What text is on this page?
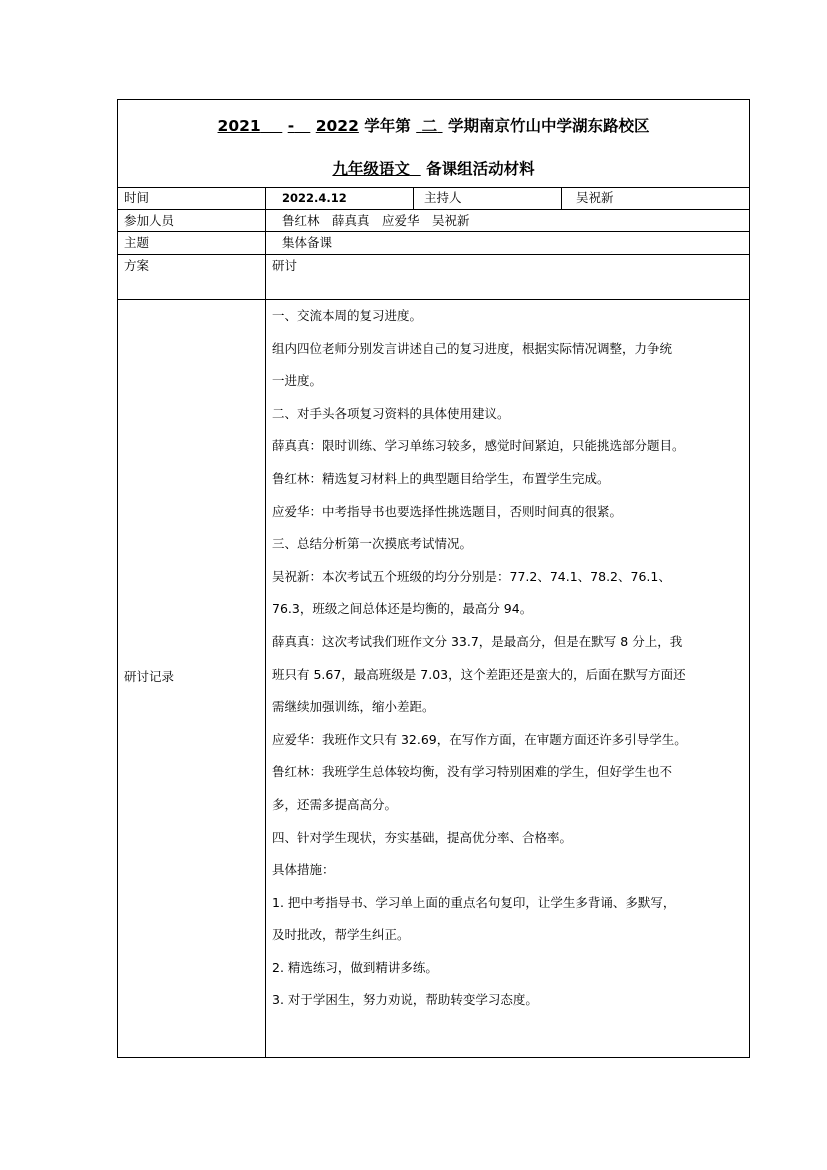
2021 - 2022 学年第 二 学期南京竹山中学湖东路校区
九年级语文 备课组活动材料
时间	2022.4.12	主持人	吴祝新
参加人员	鲁红林　薛真真　应爱华　吴祝新
主题	集体备课
方案	研讨
研讨记录

一、交流本周的复习进度。

组内四位老师分别发言讲述自己的复习进度，根据实际情况调整，力争统

一进度。

二、对手头各项复习资料的具体使用建议。

薛真真：限时训练、学习单练习较多，感觉时间紧迫，只能挑选部分题目。

鲁红林：精选复习材料上的典型题目给学生，布置学生完成。

应爱华：中考指导书也要选择性挑选题目，否则时间真的很紧。

三、总结分析第一次摸底考试情况。

吴祝新：本次考试五个班级的均分分别是：77.2、74.1、78.2、76.1、

76.3，班级之间总体还是均衡的，最高分 94。

薛真真：这次考试我们班作文分 33.7，是最高分，但是在默写 8 分上，我

班只有 5.67，最高班级是 7.03，这个差距还是蛮大的，后面在默写方面还

需继续加强训练，缩小差距。

应爱华：我班作文只有 32.69，在写作方面，在审题方面还许多引导学生。

鲁红林：我班学生总体较均衡，没有学习特别困难的学生，但好学生也不

多，还需多提高高分。

四、针对学生现状，夯实基础，提高优分率、合格率。

具体措施：

1. 把中考指导书、学习单上面的重点名句复印，让学生多背诵、多默写，

及时批改，帮学生纠正。

2. 精选练习，做到精讲多练。

3. 对于学困生，努力劝说，帮助转变学习态度。
